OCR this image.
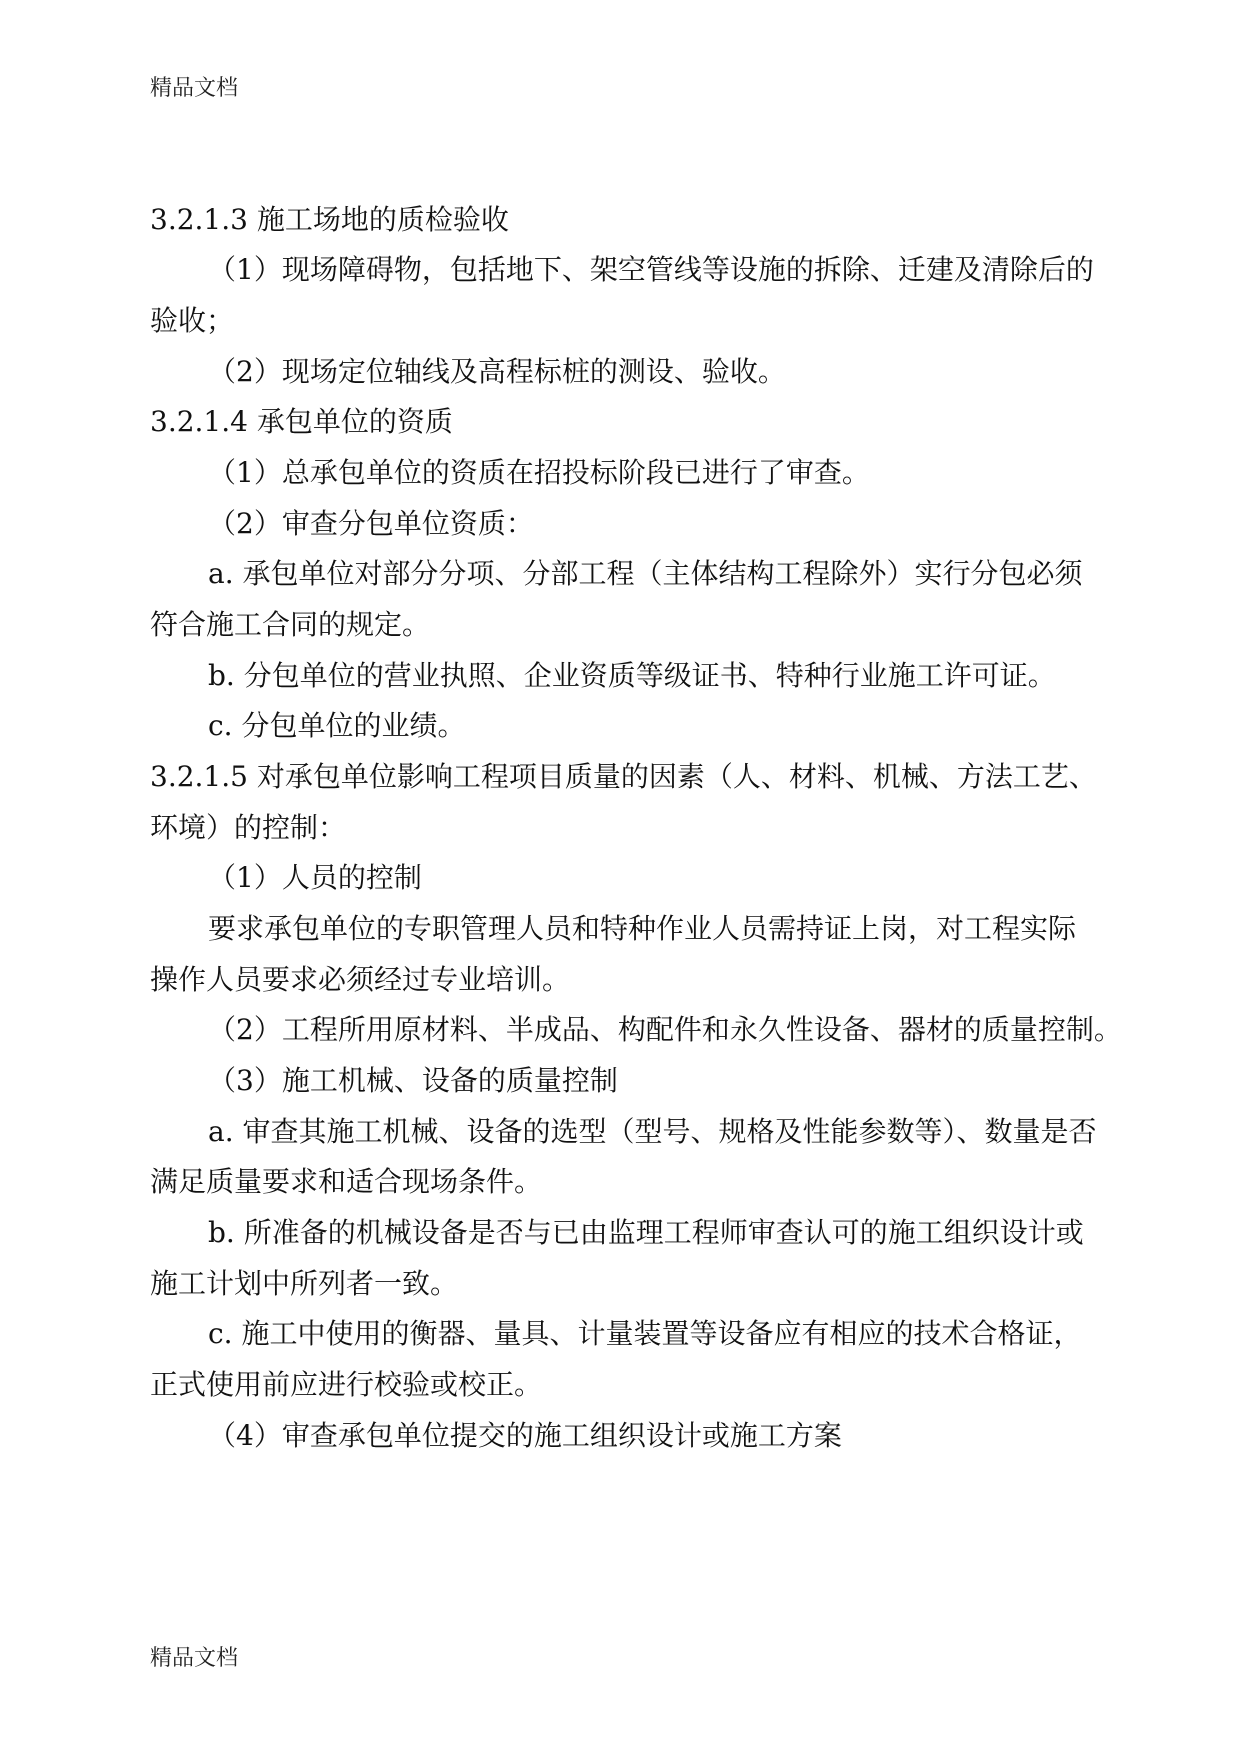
精品文档
3.2.1.3 施工场地的质检验收
（1）现场障碍物，包括地下、架空管线等设施的拆除、迁建及清除后的
验收；
（2）现场定位轴线及高程标桩的测设、验收。
3.2.1.4 承包单位的资质
（1）总承包单位的资质在招投标阶段已进行了审查。
（2）审查分包单位资质：
a. 承包单位对部分分项、分部工程（主体结构工程除外）实行分包必须
符合施工合同的规定。
b. 分包单位的营业执照、企业资质等级证书、特种行业施工许可证。
c. 分包单位的业绩。
3.2.1.5 对承包单位影响工程项目质量的因素（人、材料、机械、方法工艺、
环境）的控制：
（1）人员的控制
要求承包单位的专职管理人员和特种作业人员需持证上岗，对工程实际
操作人员要求必须经过专业培训。
（2）工程所用原材料、半成品、构配件和永久性设备、器材的质量控制。
（3）施工机械、设备的质量控制
a. 审查其施工机械、设备的选型（型号、规格及性能参数等）、数量是否
满足质量要求和适合现场条件。
b. 所准备的机械设备是否与已由监理工程师审查认可的施工组织设计或
施工计划中所列者一致。
c. 施工中使用的衡器、量具、计量装置等设备应有相应的技术合格证，
正式使用前应进行校验或校正。
（4）审查承包单位提交的施工组织设计或施工方案
精品文档
